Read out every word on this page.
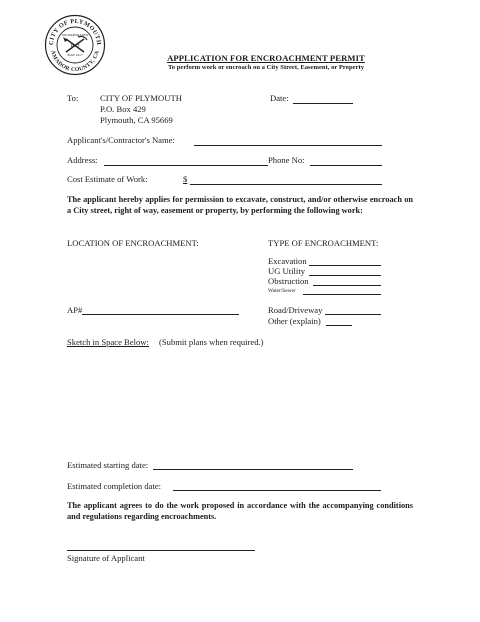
CITY OF PLYMOUTH
AMADOR COUNTY, CA
INCORPORATED
MAY 1917
1917
APPLICATION FOR ENCROACHMENT PERMIT
To perform work or encroach on a City Street, Easement, or Property
To:	CITY OF PLYMOUTH
P.O. Box 429
Plymouth, CA 95669
Date:
Applicant's/Contractor's Name:
Address:	Phone No:
Cost Estimate of Work:	$
The applicant hereby applies for permission to excavate, construct, and/or otherwise encroach on a City street, right of way, easement or property, by performing the following work:
LOCATION OF ENCROACHMENT:	TYPE OF ENCROACHMENT:
Excavation
UG Utility
Obstruction
Water/Sewer
AP#	Road/Driveway
Other (explain)
Sketch in Space Below: (Submit plans when required.)
Estimated starting date:
Estimated completion date:
The applicant agrees to do the work proposed in accordance with the accompanying conditions and regulations regarding encroachments.
Signature of Applicant
